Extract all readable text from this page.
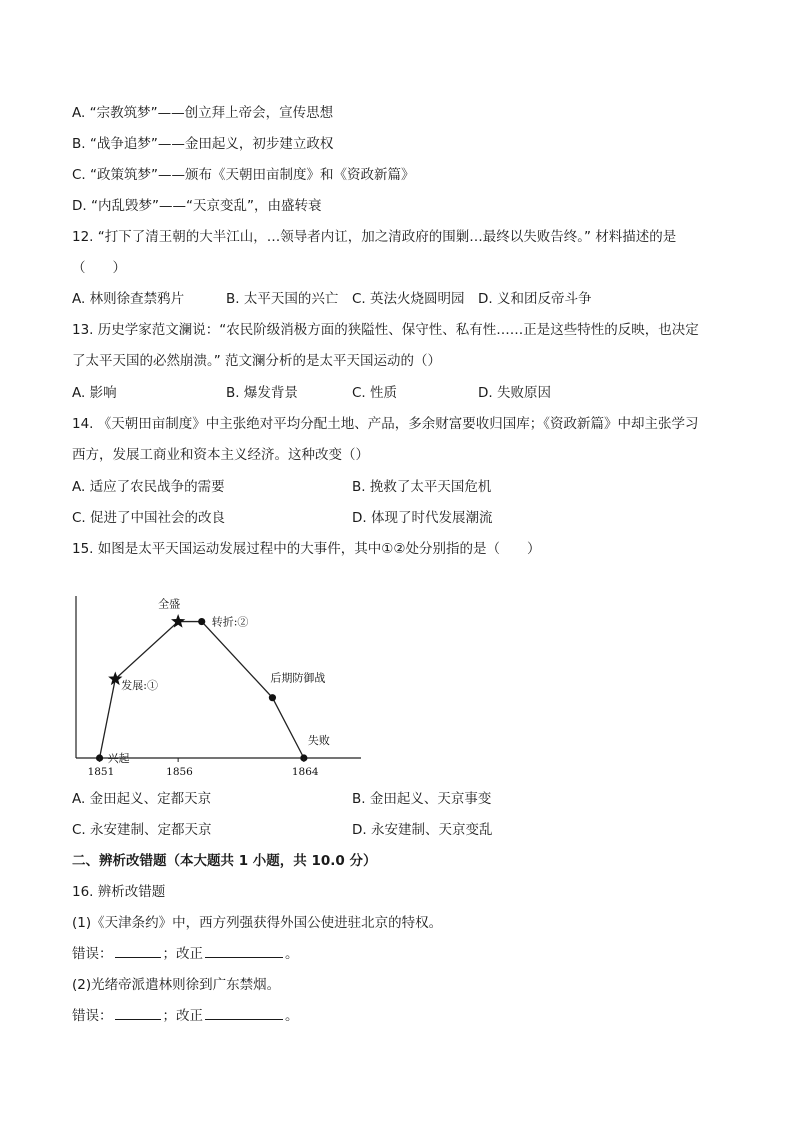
A. “宗教筑梦”——创立拜上帝会，宣传思想
B. “战争追梦”——金田起义，初步建立政权
C. “政策筑梦”——颁布《天朝田亩制度》和《资政新篇》
D. “内乱毁梦”——“天京变乱”，由盛转衰
12. “打下了清王朝的大半江山，…领导者内讧，加之清政府的围剿…最终以失败告终。” 材料描述的是
（　　）
A. 林则徐查禁鸦片	B. 太平天国的兴亡 C. 英法火烧圆明园 D. 义和团反帝斗争
13. 历史学家范文澜说：“农民阶级消极方面的狭隘性、保守性、私有性……正是这些特性的反映，也决定
了太平天国的必然崩溃。” 范文澜分析的是太平天国运动的（）
A. 影响	B. 爆发背景	C. 性质	D. 失败原因
14. 《天朝田亩制度》中主张绝对平均分配土地、产品，多余财富要收归国库；《资政新篇》中却主张学习
西方，发展工商业和资本主义经济。这种改变（）
A. 适应了农民战争的需要	B. 挽救了太平天国危机
C. 促进了中国社会的改良	D. 体现了时代发展潮流
15. 如图是太平天国运动发展过程中的大事件，其中①②处分别指的是（　　）
兴起
发展:①
全盛
转折:②
后期防御战
失败
1851	1856	1864
A. 金田起义、定都天京	B. 金田起义、天京事变
C. 永安建制、定都天京	D. 永安建制、天京变乱
二、辨析改错题（本大题共 1 小题，共 10.0 分）
16. 辨析改错题
(1)《天津条约》中，西方列强获得外国公使进驻北京的特权。
错误：	；改正	。
(2)光绪帝派遣林则徐到广东禁烟。
错误：	；改正	。
